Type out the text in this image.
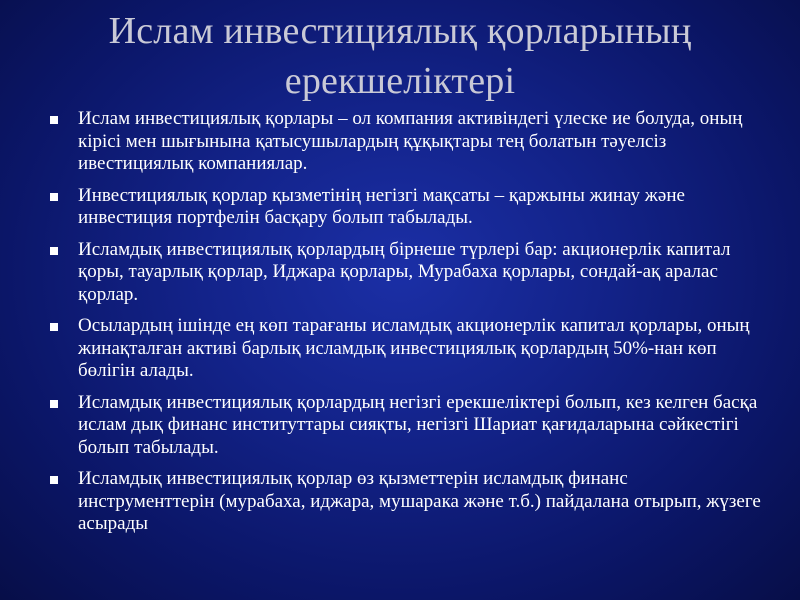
Ислам инвестициялық қорларының ерекшеліктері
Ислам инвестициялық қорлары – ол компания активіндегі үлеске ие болуда, оның кірісі мен шығынына қатысушылардың құқықтары тең болатын тәуелсіз ивестициялық компаниялар.
Инвестициялық қорлар қызметінің негізгі мақсаты – қаржыны жинау және инвестиция портфелін басқару болып табылады.
Исламдық инвестициялық қорлардың бірнеше түрлері бар: акционерлік капитал қоры, тауарлық қорлар, Иджара қорлары, Мурабаха қорлары, сондай-ақ аралас қорлар.
Осылардың ішінде ең көп тарағаны исламдық акционерлік капитал қорлары, оның жинақталған активі барлық исламдық инвестициялық қорлардың 50%-нан көп бөлігін алады.
Исламдық инвестициялық қорлардың негізгі ерекшеліктері болып, кез келген басқа ислам дық финанс институттары сияқты, негізгі Шариат қағидаларына сәйкестігі болып табылады.
Исламдық инвестициялық қорлар өз қызметтерін исламдық финанс инструменттерін (мурабаха, иджара, мушарака және т.б.) пайдалана отырып, жүзеге асырады
